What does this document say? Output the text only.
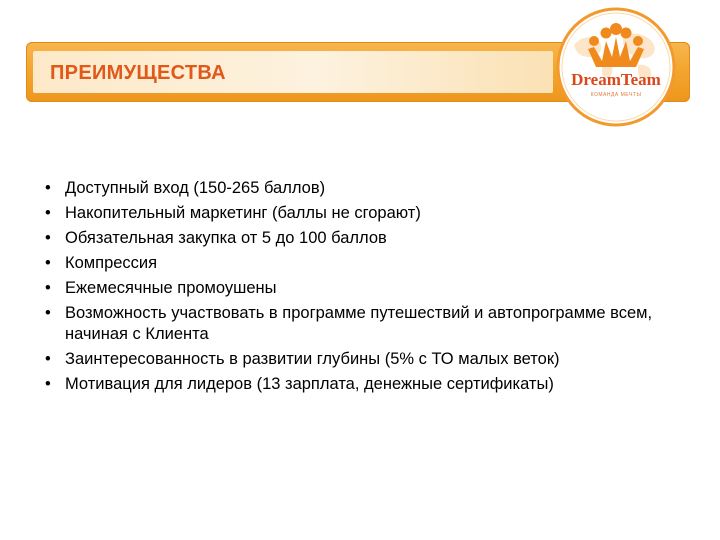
ПРЕИМУЩЕСТВА	DreamTeam
КОМАНДА МЕЧТЫ
• Доступный вход (150-265 баллов)
• Накопительный маркетинг (баллы не сгорают)
• Обязательная закупка от 5 до 100 баллов
• Компрессия
• Ежемесячные промоушены
• Возможность участвовать в программе путешествий и автопрограмме всем, начиная с Клиента
• Заинтересованность в развитии глубины (5% с ТО малых веток)
• Мотивация для лидеров (13 зарплата, денежные сертификаты)
